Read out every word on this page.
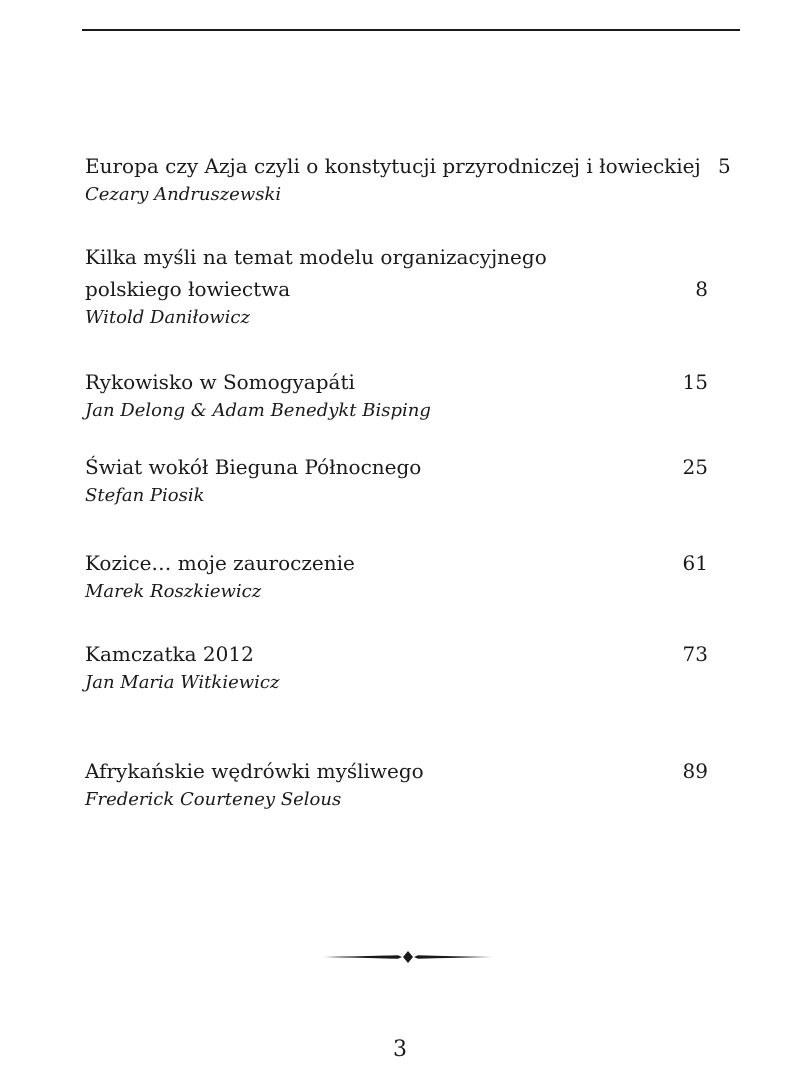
Europa czy Azja czyli o konstytucji przyrodniczej i łowieckiej 5
Cezary Andruszewski
Kilka myśli na temat modelu organizacyjnego
polskiego łowiectwa	8
Witold Daniłowicz
Rykowisko w Somogyapáti	15
Jan Delong & Adam Benedykt Bisping
Świat wokół Bieguna Północnego	25
Stefan Piosik
Kozice… moje zauroczenie	61
Marek Roszkiewicz
Kamczatka 2012	73
Jan Maria Witkiewicz
Afrykańskie wędrówki myśliwego	89
Frederick Courteney Selous
3
